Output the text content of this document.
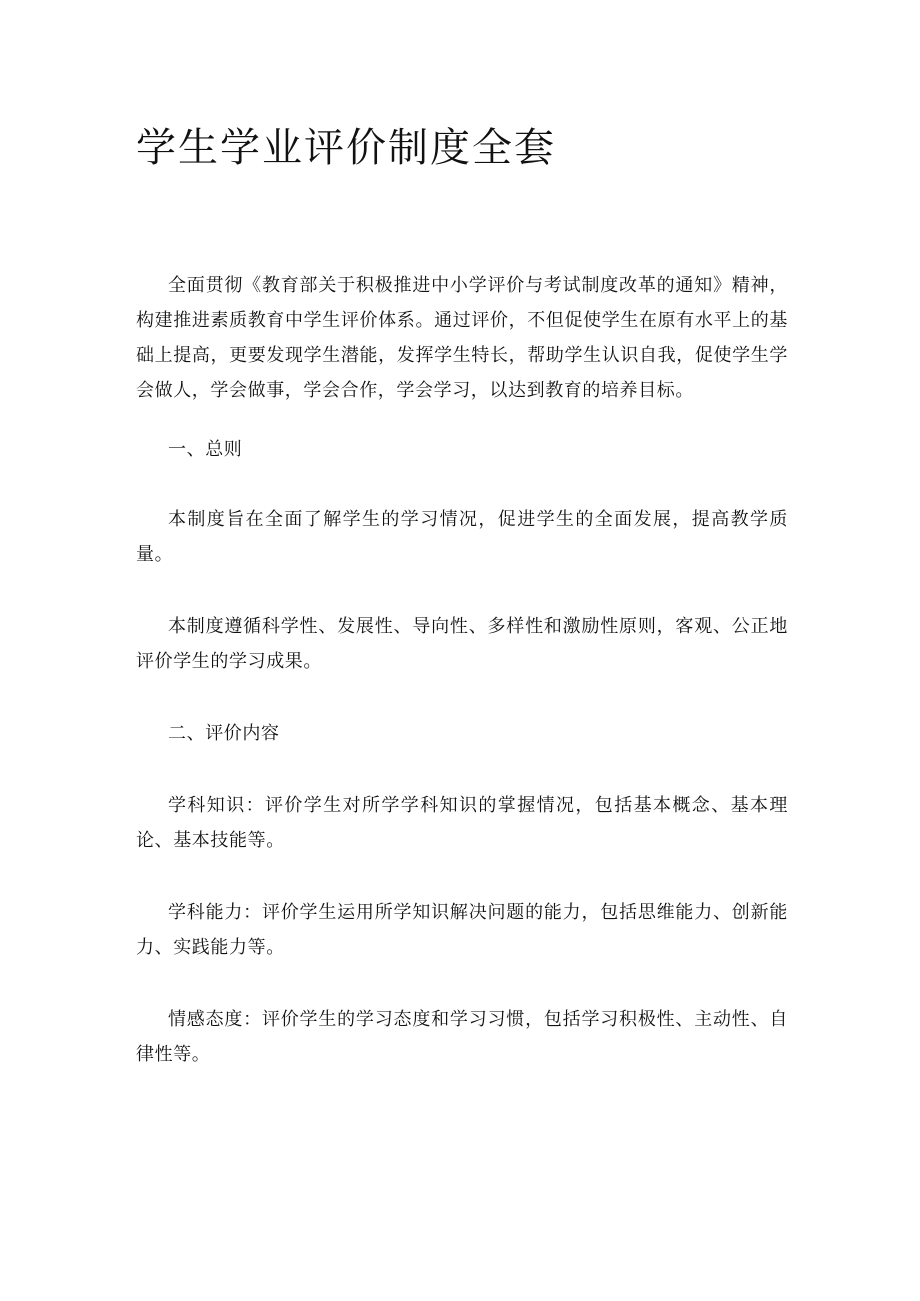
学生学业评价制度全套

全面贯彻《教育部关于积极推进中小学评价与考试制度改革的通知》精神，构建推进素质教育中学生评价体系。通过评价，不但促使学生在原有水平上的基础上提高，更要发现学生潜能，发挥学生特长，帮助学生认识自我，促使学生学会做人，学会做事，学会合作，学会学习，以达到教育的培养目标。

一、总则

本制度旨在全面了解学生的学习情况，促进学生的全面发展，提高教学质量。

本制度遵循科学性、发展性、导向性、多样性和激励性原则，客观、公正地评价学生的学习成果。

二、评价内容

学科知识：评价学生对所学学科知识的掌握情况，包括基本概念、基本理论、基本技能等。

学科能力：评价学生运用所学知识解决问题的能力，包括思维能力、创新能力、实践能力等。

情感态度：评价学生的学习态度和学习习惯，包括学习积极性、主动性、自律性等。
